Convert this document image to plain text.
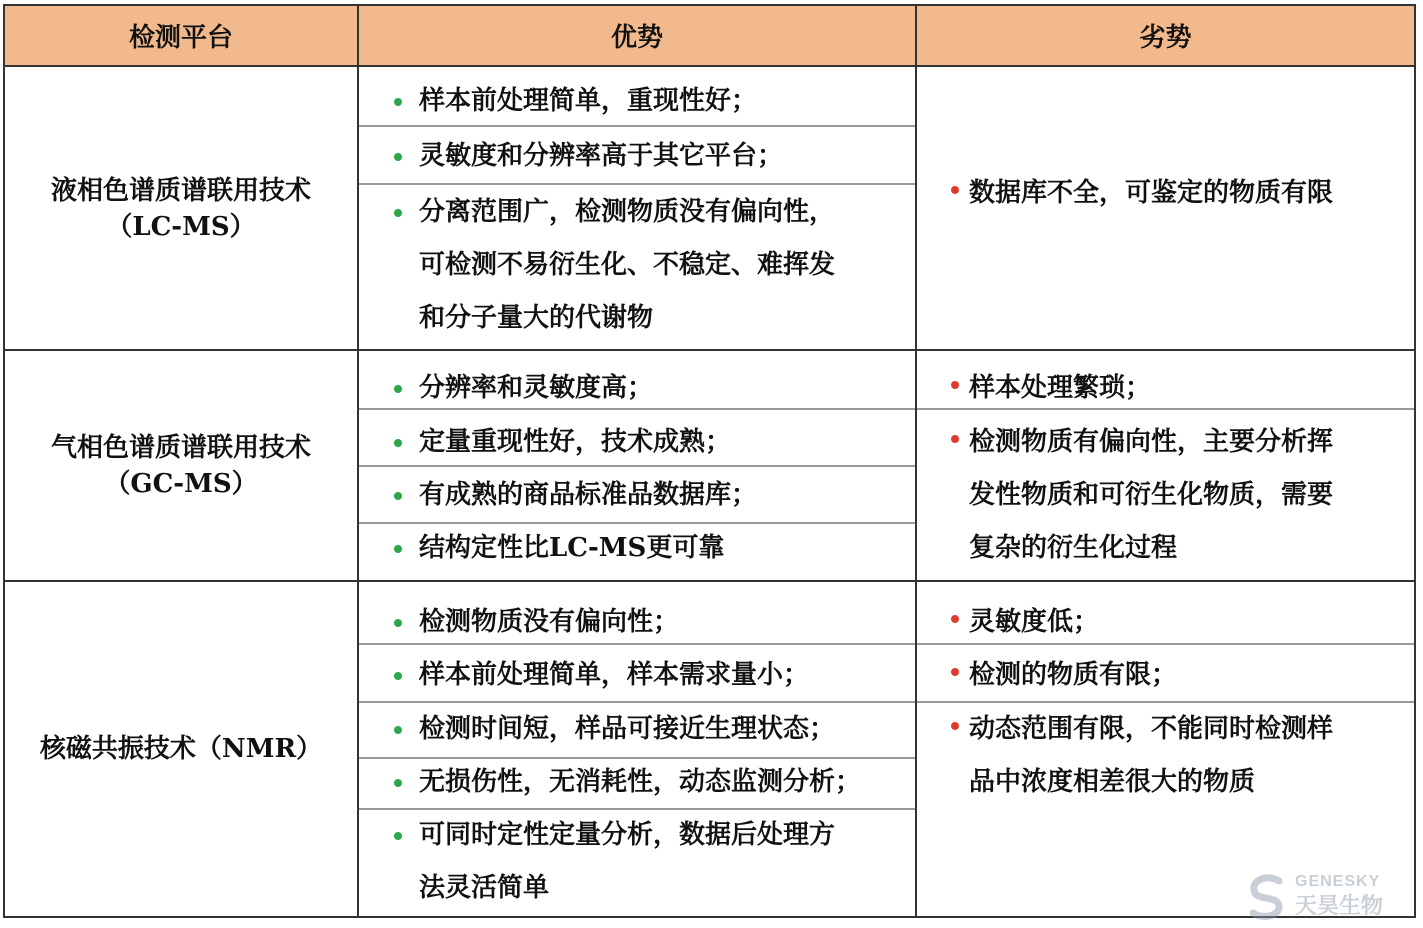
检测平台	优势	劣势
液相色谱质谱联用技术
（LC-MS）
气相色谱质谱联用技术
（GC-MS）
核磁共振技术（NMR）
样本前处理简单，重现性好；
灵敏度和分辨率高于其它平台；
分离范围广，检测物质没有偏向性，
可检测不易衍生化、不稳定、难挥发
和分子量大的代谢物
数据库不全，可鉴定的物质有限
分辨率和灵敏度高；
定量重现性好，技术成熟；
有成熟的商品标准品数据库；
结构定性比LC-MS更可靠
样本处理繁琐；
检测物质有偏向性，主要分析挥
发性物质和可衍生化物质，需要
复杂的衍生化过程
检测物质没有偏向性；
样本前处理简单，样本需求量小；
检测时间短，样品可接近生理状态；
无损伤性，无消耗性，动态监测分析；
可同时定性定量分析，数据后处理方
法灵活简单
灵敏度低；
检测的物质有限；
动态范围有限，不能同时检测样
品中浓度相差很大的物质
GENESKY
天昊生物
